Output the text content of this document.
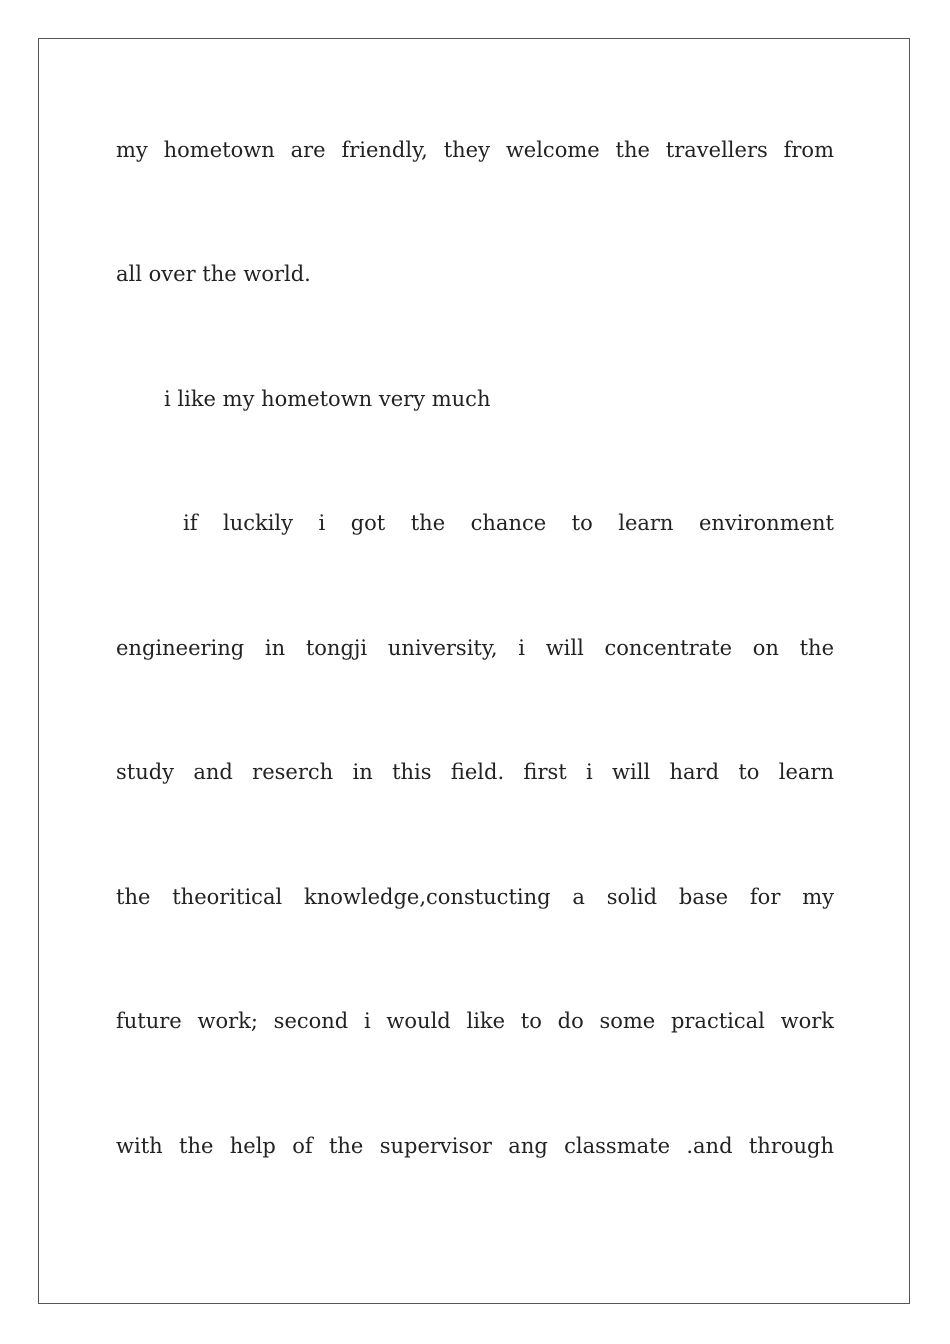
my hometown are friendly, they welcome the travellers from
all over the world.
i like my hometown very much
if luckily i got the chance to learn environment
engineering in tongji university, i will concentrate on the
study and reserch in this field. first i will hard to learn
the theoritical knowledge,constucting a solid base for my
future work; second i would like to do some practical work
with the help of the supervisor ang classmate .and through
